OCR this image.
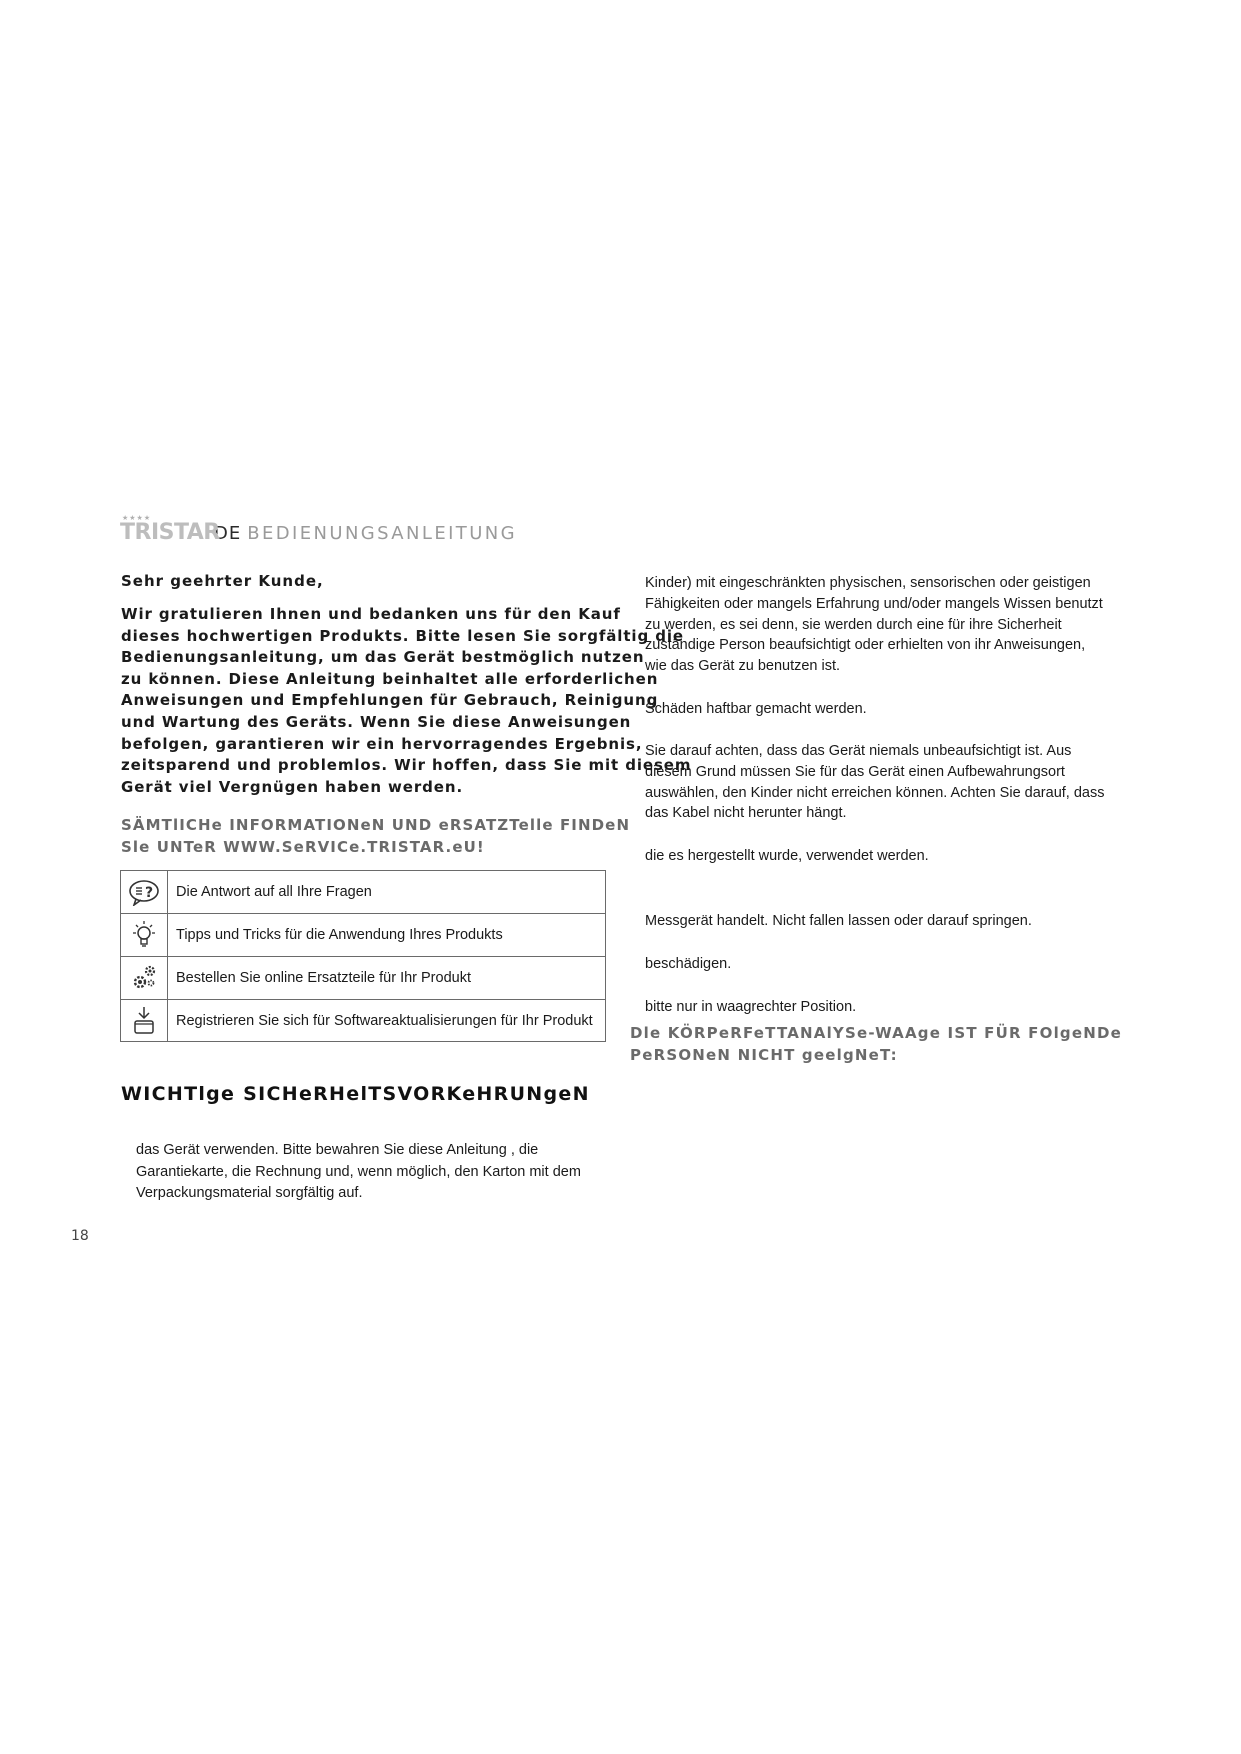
★★★★
TRISTAR
DE BEDIENUNGSANLEITUNG
Sehr geehrter Kunde,
Wir gratulieren Ihnen und bedanken uns für den Kauf
dieses hochwertigen Produkts. Bitte lesen Sie sorgfältig die
Bedienungsanleitung, um das Gerät bestmöglich nutzen
zu können. Diese Anleitung beinhaltet alle erforderlichen
Anweisungen und Empfehlungen für Gebrauch, Reinigung
und Wartung des Geräts. Wenn Sie diese Anweisungen
befolgen, garantieren wir ein hervorragendes Ergebnis,
zeitsparend und problemlos. Wir hoffen, dass Sie mit diesem
Gerät viel Vergnügen haben werden.
SÄMTlICHe INFORMATIONeN UND eRSATZTelle FINDeN
Sle UNTeR WWW.SeRVICe.TRISTAR.eU!
?	Die Antwort auf all Ihre Fragen
Tipps und Tricks für die Anwendung Ihres Produkts
Bestellen Sie online Ersatzteile für Ihr Produkt
Registrieren Sie sich für Softwareaktualisierungen für Ihr Produkt
WICHTlge SICHeRHelTSVORKeHRUNgeN
das Gerät verwenden. Bitte bewahren Sie diese Anleitung , die
Garantiekarte, die Rechnung und, wenn möglich, den Karton mit dem
Verpackungsmaterial sorgfältig auf.
18
Kinder) mit eingeschränkten physischen, sensorischen oder geistigen
Fähigkeiten oder mangels Erfahrung und/oder mangels Wissen benutzt
zu werden, es sei denn, sie werden durch eine für ihre Sicherheit
zuständige Person beaufsichtigt oder erhielten von ihr Anweisungen,
wie das Gerät zu benutzen ist.
Schäden haftbar gemacht werden.
Sie darauf achten, dass das Gerät niemals unbeaufsichtigt ist. Aus
diesem Grund müssen Sie für das Gerät einen Aufbewahrungsort
auswählen, den Kinder nicht erreichen können. Achten Sie darauf, dass
das Kabel nicht herunter hängt.
die es hergestellt wurde, verwendet werden.
Messgerät handelt. Nicht fallen lassen oder darauf springen.
beschädigen.
bitte nur in waagrechter Position.
Dle KÖRPeRFeTTANAlYSe-WAAge IST FÜR FOlgeNDe
PeRSONeN NICHT geelgNeT:
